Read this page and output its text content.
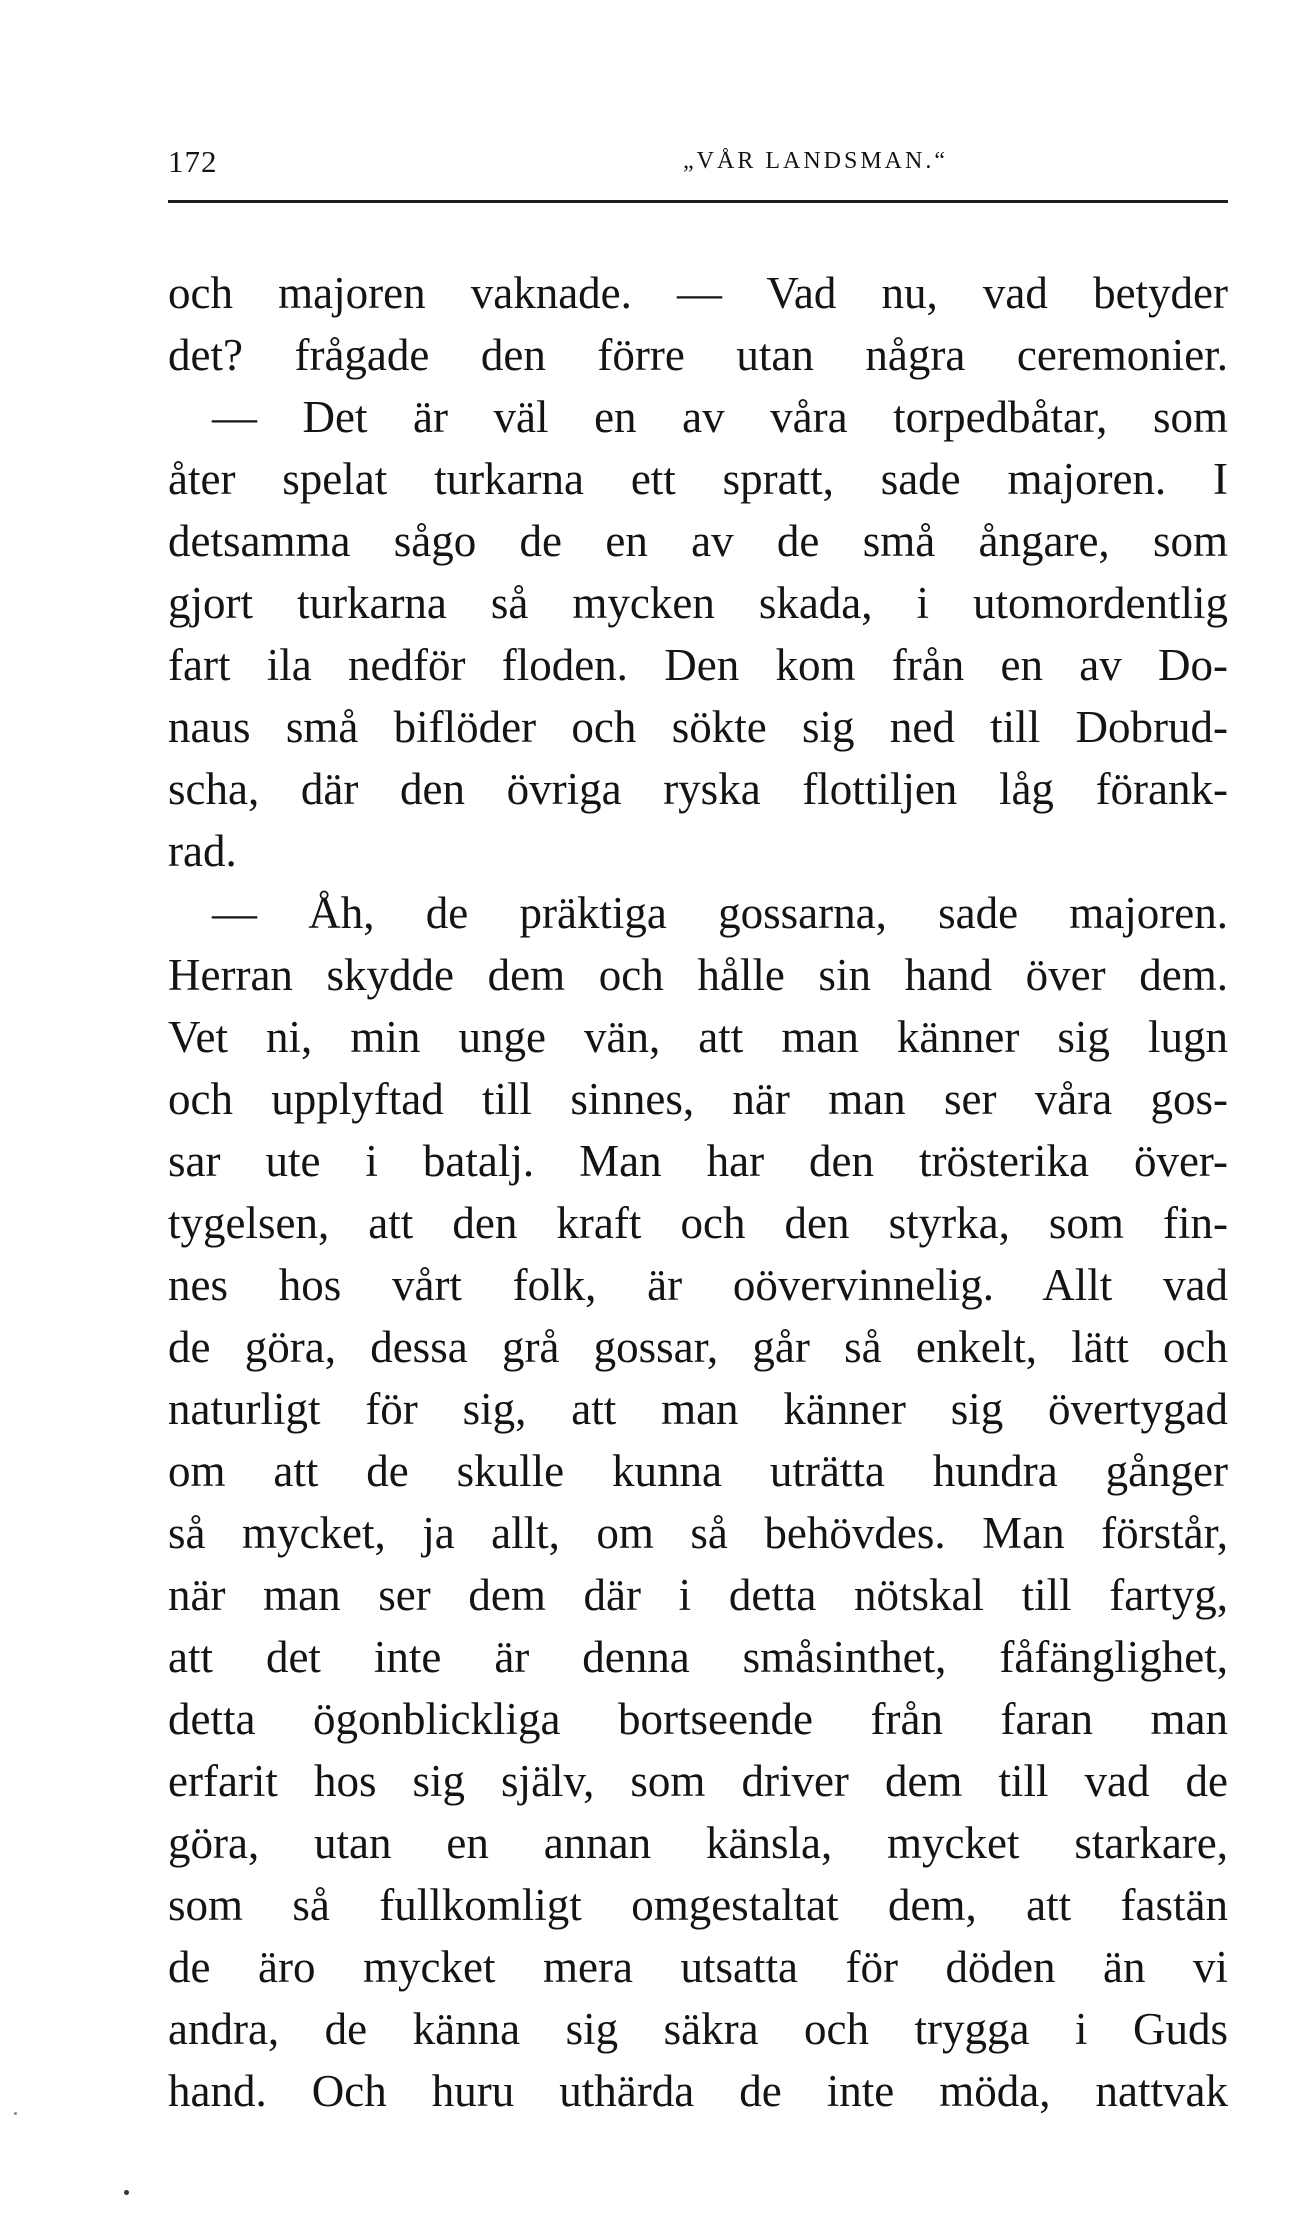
172	„VÅR LANDSMAN.“
och majoren vaknade. — Vad nu, vad betyder
det? frågade den förre utan några ceremonier.
— Det är väl en av våra torpedbåtar, som
åter spelat turkarna ett spratt, sade majoren. I
detsamma sågo de en av de små ångare, som
gjort turkarna så mycken skada, i utomordentlig
fart ila nedför floden. Den kom från en av Do-
naus små biflöder och sökte sig ned till Dobrud-
scha, där den övriga ryska flottiljen låg förank-
rad.
— Åh, de präktiga gossarna, sade majoren.
Herran skydde dem och hålle sin hand över dem.
Vet ni, min unge vän, att man känner sig lugn
och upplyftad till sinnes, när man ser våra gos-
sar ute i batalj. Man har den trösterika över-
tygelsen, att den kraft och den styrka, som fin-
nes hos vårt folk, är oövervinnelig. Allt vad
de göra, dessa grå gossar, går så enkelt, lätt och
naturligt för sig, att man känner sig övertygad
om att de skulle kunna uträtta hundra gånger
så mycket, ja allt, om så behövdes. Man förstår,
när man ser dem där i detta nötskal till fartyg,
att det inte är denna småsinthet, fåfänglighet,
detta ögonblickliga bortseende från faran man
erfarit hos sig själv, som driver dem till vad de
göra, utan en annan känsla, mycket starkare,
som så fullkomligt omgestaltat dem, att fastän
de äro mycket mera utsatta för döden än vi
andra, de känna sig säkra och trygga i Guds
hand. Och huru uthärda de inte möda, nattvak
